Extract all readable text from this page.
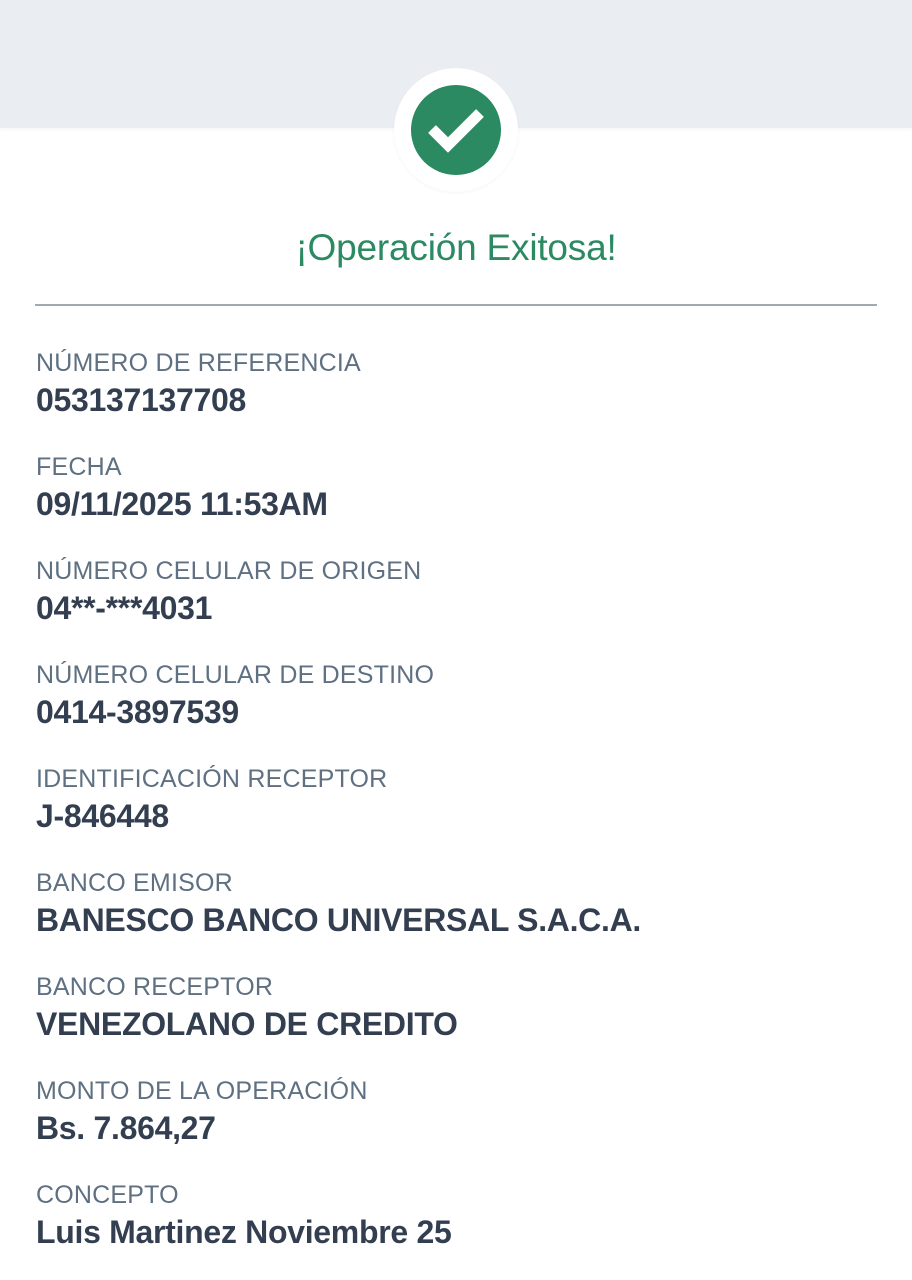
¡Operación Exitosa!
NÚMERO DE REFERENCIA
053137137708
FECHA
09/11/2025 11:53AM
NÚMERO CELULAR DE ORIGEN
04**-***4031
NÚMERO CELULAR DE DESTINO
0414-3897539
IDENTIFICACIÓN RECEPTOR
J-846448
BANCO EMISOR
BANESCO BANCO UNIVERSAL S.A.C.A.
BANCO RECEPTOR
VENEZOLANO DE CREDITO
MONTO DE LA OPERACIÓN
Bs. 7.864,27
CONCEPTO
Luis Martinez Noviembre 25
